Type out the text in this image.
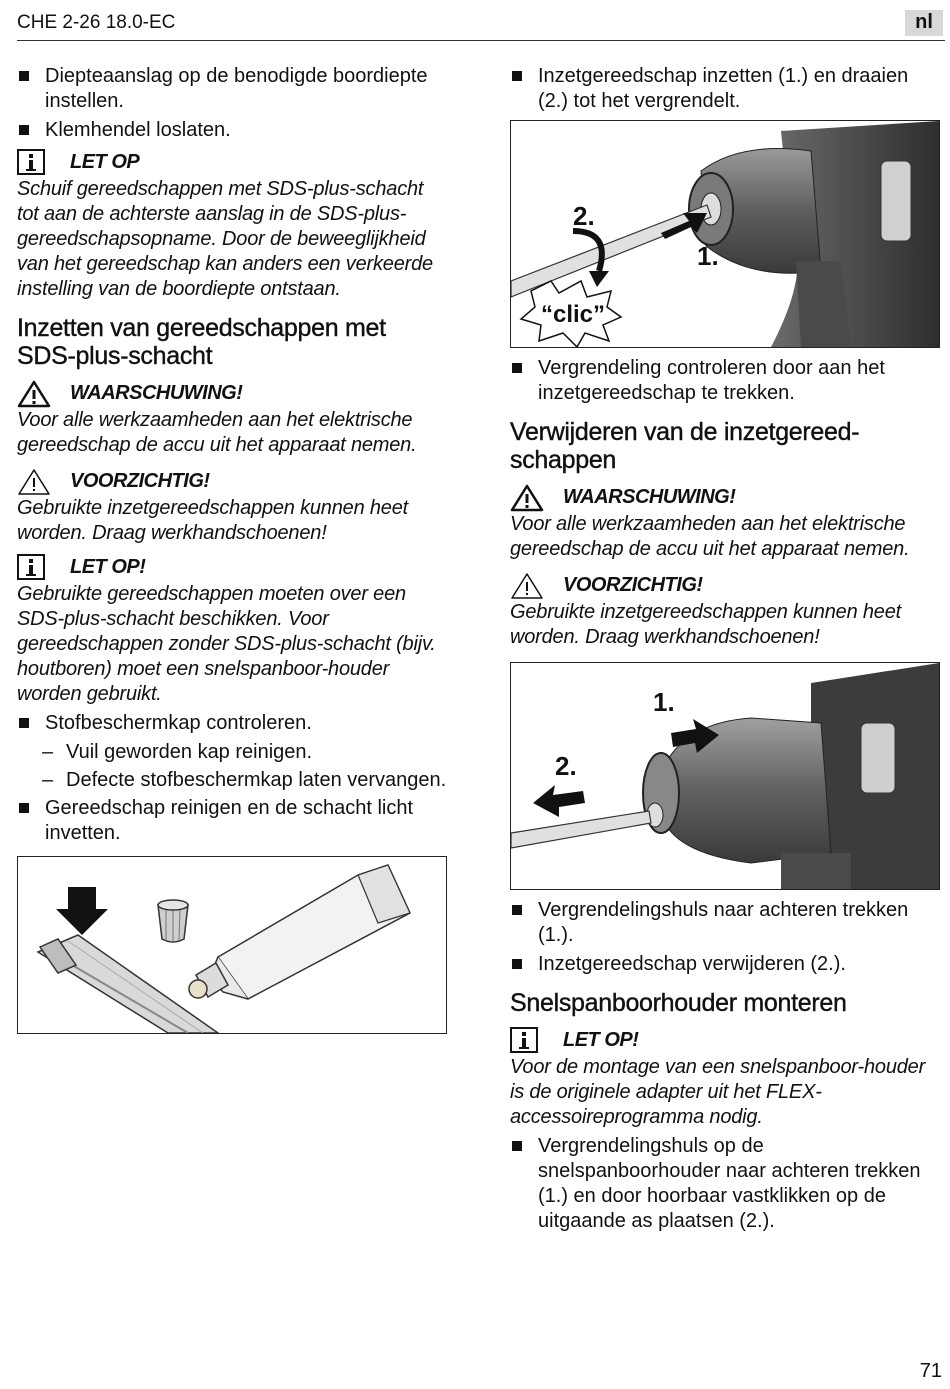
CHE 2-26 18.0-EC	nl
Diepteaanslag op de benodigde boordiepte instellen.
Klemhendel loslaten.
LET OP
Schuif gereedschappen met SDS-plus-schacht tot aan de achterste aanslag in de SDS-plus-gereedschapsopname. Door de beweeglijkheid van het gereedschap kan anders een verkeerde instelling van de boordiepte ontstaan.
Inzetten van gereedschappen met SDS-plus-schacht
WAARSCHUWING!
Voor alle werkzaamheden aan het elektrische gereedschap de accu uit het apparaat nemen.
VOORZICHTIG!
Gebruikte inzetgereedschappen kunnen heet worden. Draag werkhandschoenen!
LET OP!
Gebruikte gereedschappen moeten over een SDS-plus-schacht beschikken. Voor gereedschappen zonder SDS-plus-schacht (bijv. houtboren) moet een snelspanboor-houder worden gebruikt.
Stofbeschermkap controleren.
– Vuil geworden kap reinigen.
– Defecte stofbeschermkap laten vervangen.
Gereedschap reinigen en de schacht licht invetten.
Inzetgereedschap inzetten (1.) en draaien (2.) tot het vergrendelt.
2.
1.
“clic”
Vergrendeling controleren door aan het inzetgereedschap te trekken.
Verwijderen van de inzetgereed-schappen
WAARSCHUWING!
Voor alle werkzaamheden aan het elektrische gereedschap de accu uit het apparaat nemen.
VOORZICHTIG!
Gebruikte inzetgereedschappen kunnen heet worden. Draag werkhandschoenen!
1.
2.
Vergrendelingshuls naar achteren trekken (1.).
Inzetgereedschap verwijderen (2.).
Snelspanboorhouder monteren
LET OP!
Voor de montage van een snelspanboor-houder is de originele adapter uit het FLEX-accessoireprogramma nodig.
Vergrendelingshuls op de snelspanboorhouder naar achteren trekken (1.) en door hoorbaar vastklikken op de uitgaande as plaatsen (2.).
71
